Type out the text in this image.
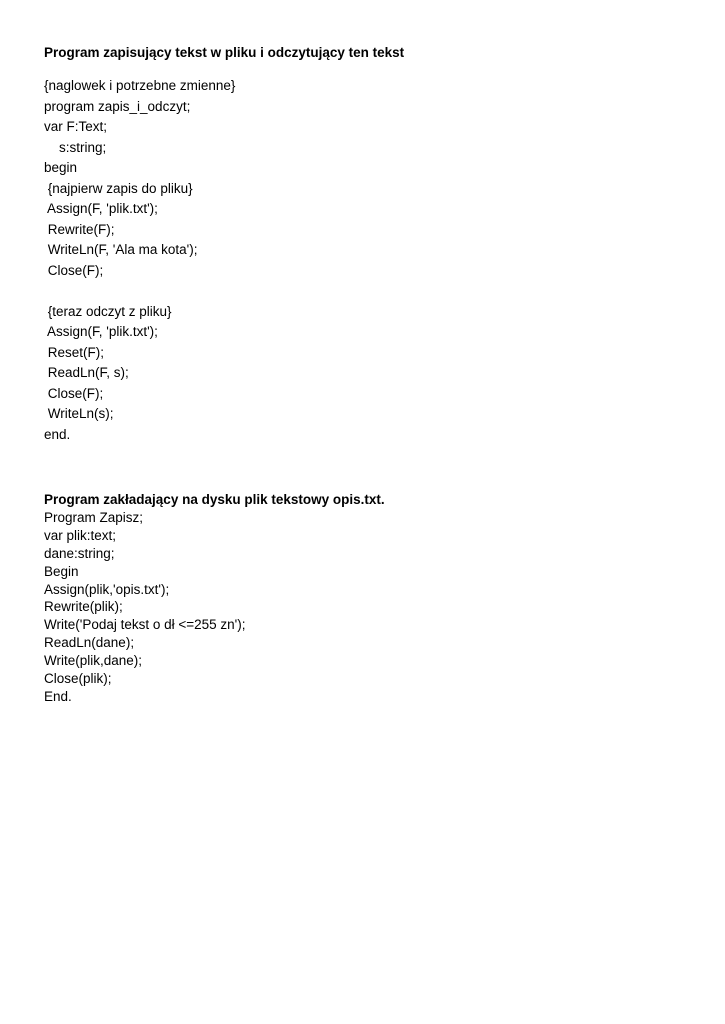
Program zapisujący tekst w pliku i odczytujący ten tekst

{naglowek i potrzebne zmienne}

program zapis_i_odczyt;

var F:Text;

s:string;

begin

{najpierw zapis do pliku}

Assign(F, 'plik.txt');

Rewrite(F);

WriteLn(F, 'Ala ma kota');

Close(F);

{teraz odczyt z pliku}

Assign(F, 'plik.txt');

Reset(F);

ReadLn(F, s);

Close(F);

WriteLn(s);

end.

Program zakładający na dysku plik tekstowy opis.txt.

Program Zapisz;

var plik:text;

dane:string;

Begin

Assign(plik,'opis.txt');

Rewrite(plik);

Write('Podaj tekst o dł <=255 zn');

ReadLn(dane);

Write(plik,dane);

Close(plik);

End.
